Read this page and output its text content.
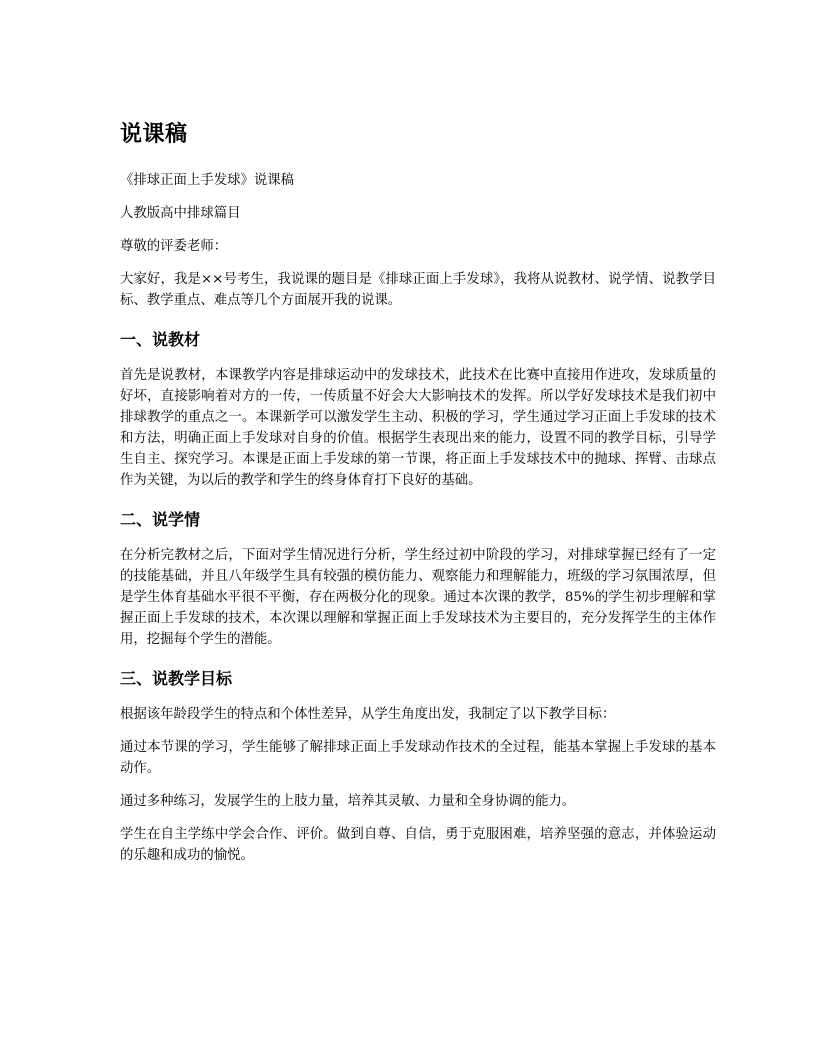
说课稿

《排球正面上手发球》说课稿

人教版高中排球篇目

尊敬的评委老师：

大家好，我是××号考生，我说课的题目是《排球正面上手发球》，我将从说教材、说学情、说教学目标、教学重点、难点等几个方面展开我的说课。

一、说教材

首先是说教材，本课教学内容是排球运动中的发球技术，此技术在比赛中直接用作进攻，发球质量的好坏，直接影响着对方的一传，一传质量不好会大大影响技术的发挥。所以学好发球技术是我们初中排球教学的重点之一。本课新学可以激发学生主动、积极的学习，学生通过学习正面上手发球的技术和方法，明确正面上手发球对自身的价值。根据学生表现出来的能力，设置不同的教学目标，引导学生自主、探究学习。本课是正面上手发球的第一节课，将正面上手发球技术中的抛球、挥臂、击球点作为关键，为以后的教学和学生的终身体育打下良好的基础。

二、说学情

在分析完教材之后，下面对学生情况进行分析，学生经过初中阶段的学习，对排球掌握已经有了一定的技能基础，并且八年级学生具有较强的模仿能力、观察能力和理解能力，班级的学习氛围浓厚，但是学生体育基础水平很不平衡，存在两极分化的现象。通过本次课的教学，85%的学生初步理解和掌握正面上手发球的技术，本次课以理解和掌握正面上手发球技术为主要目的，充分发挥学生的主体作用，挖掘每个学生的潜能。

三、说教学目标

根据该年龄段学生的特点和个体性差异，从学生角度出发，我制定了以下教学目标：

通过本节课的学习，学生能够了解排球正面上手发球动作技术的全过程，能基本掌握上手发球的基本动作。

通过多种练习，发展学生的上肢力量，培养其灵敏、力量和全身协调的能力。

学生在自主学练中学会合作、评价。做到自尊、自信，勇于克服困难，培养坚强的意志，并体验运动的乐趣和成功的愉悦。
